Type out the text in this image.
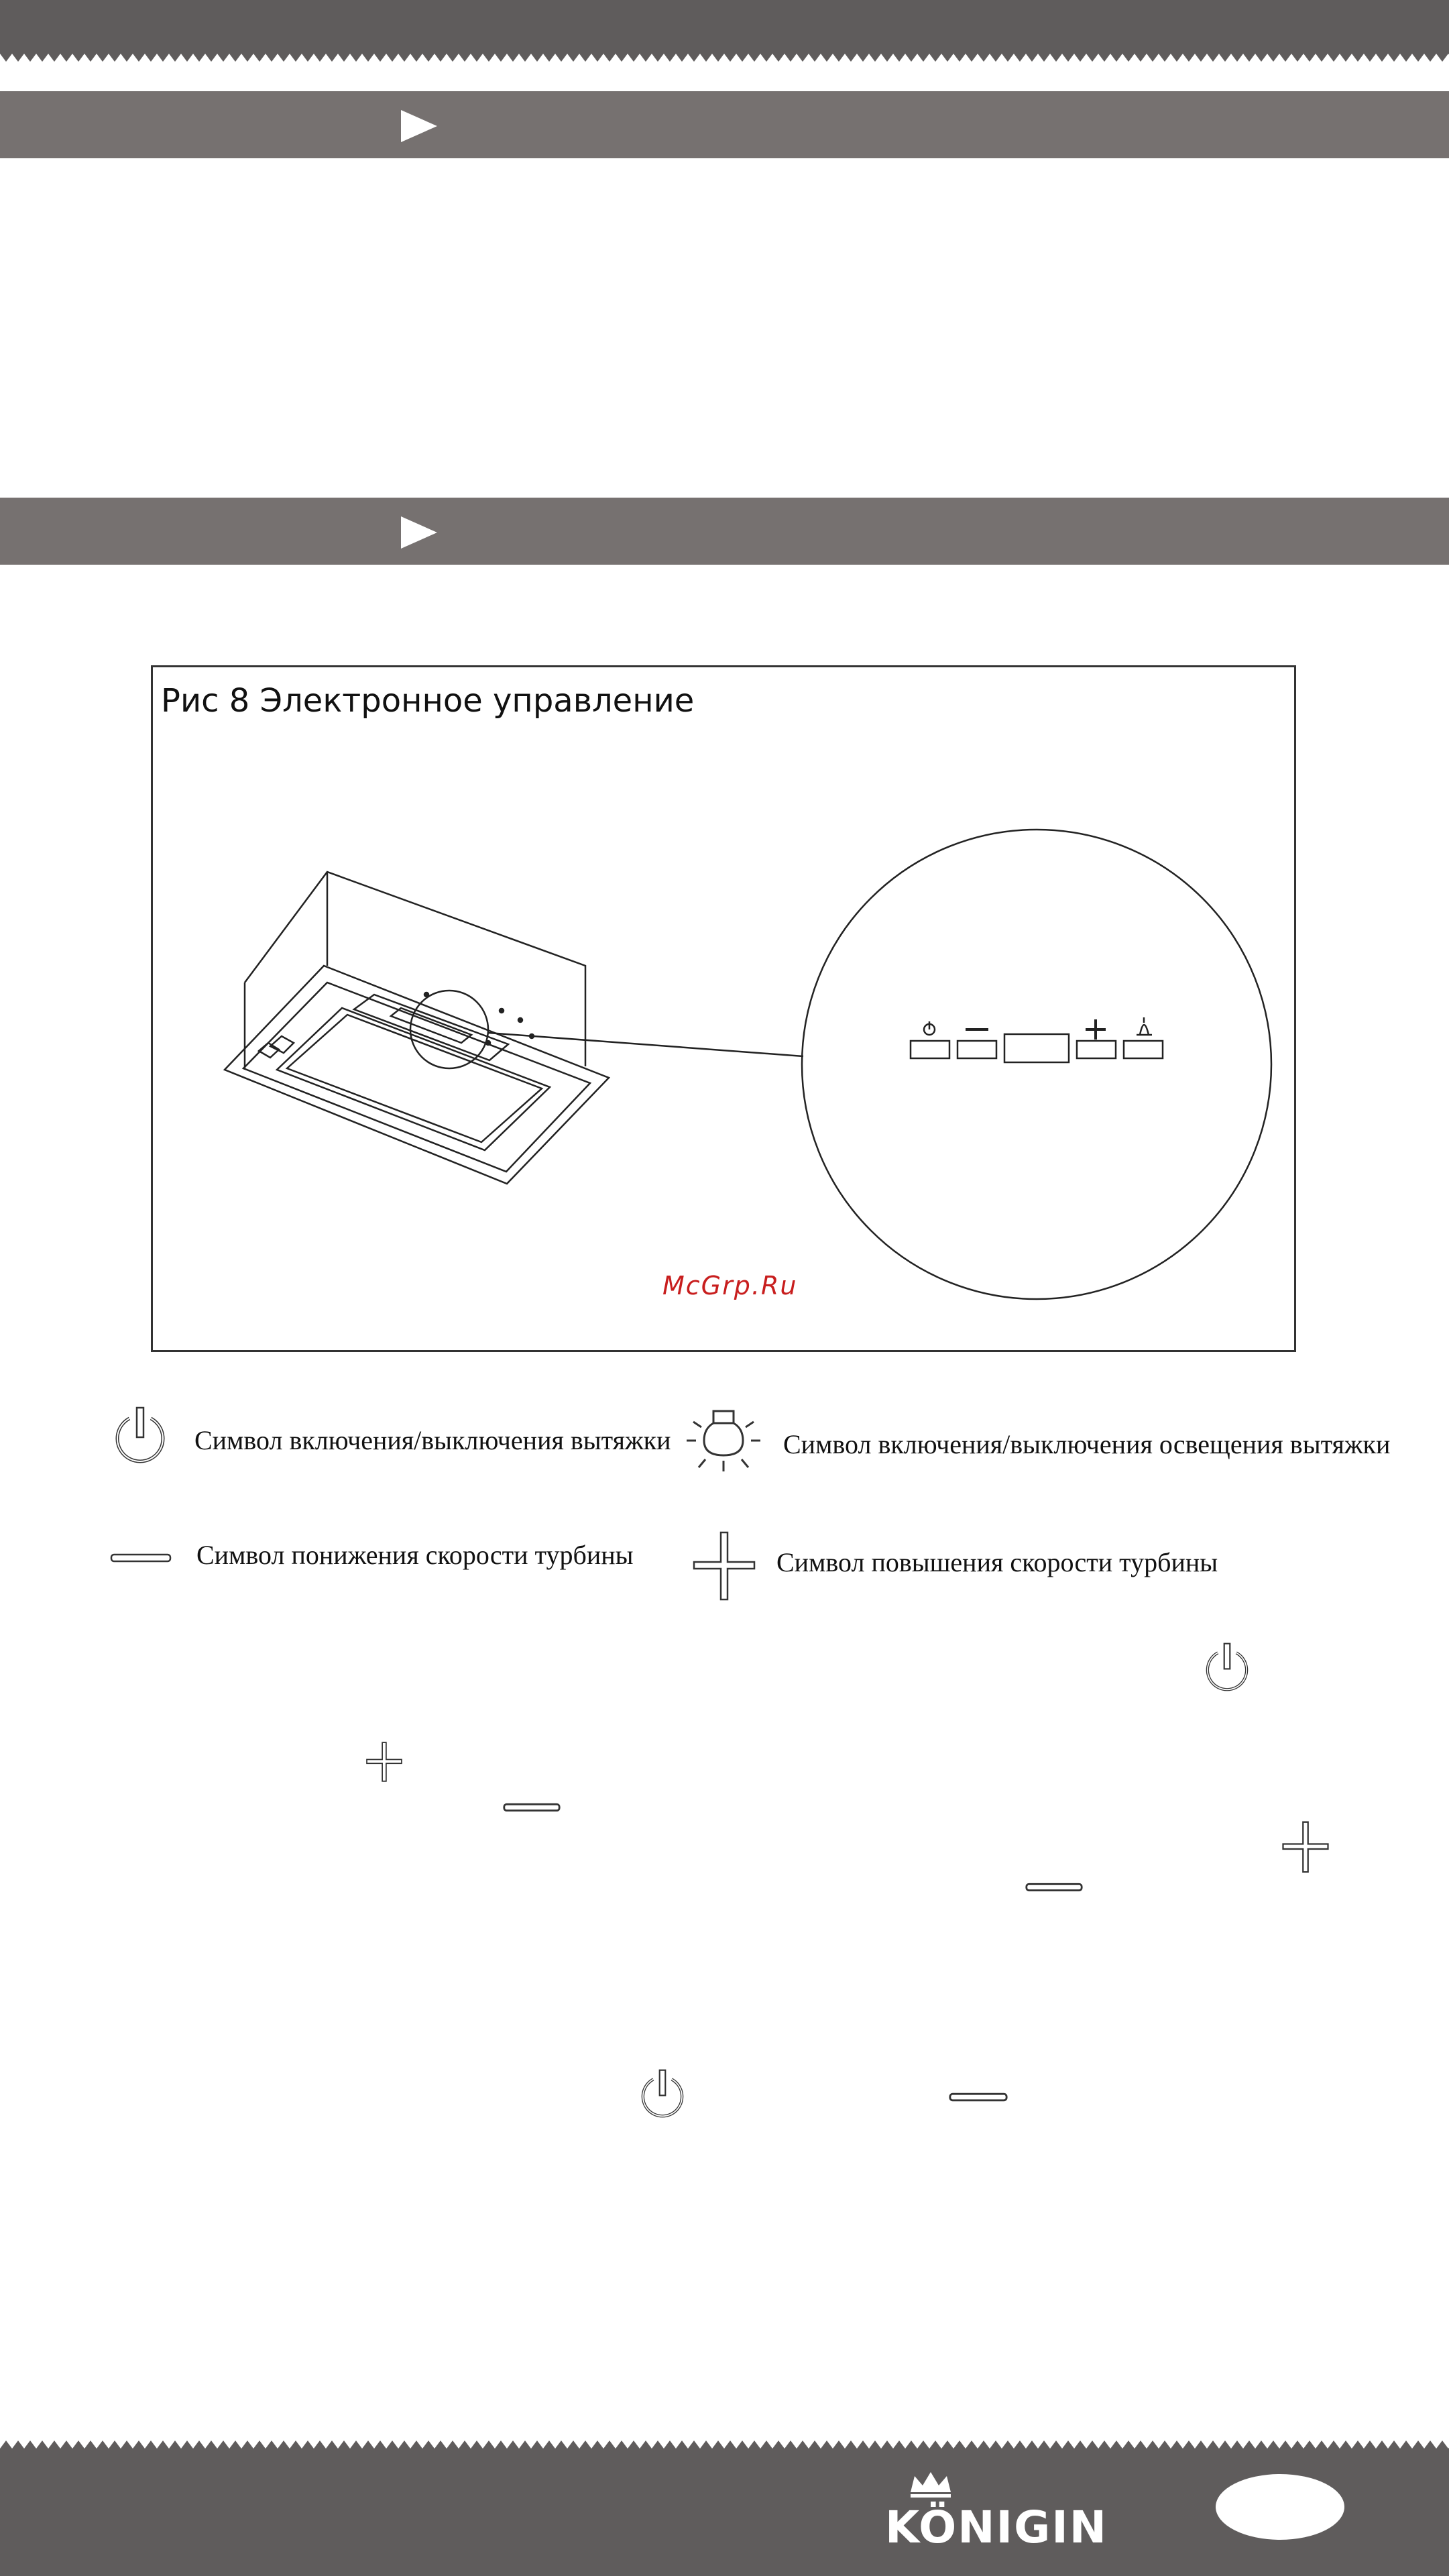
Рис 8 Электронное управление
McGrp.Ru
Символ включения/выключения вытяжки	Символ включения/выключения освещения вытяжки
Символ понижения скорости турбины	Символ повышения скорости турбины
KÖNIGIN
